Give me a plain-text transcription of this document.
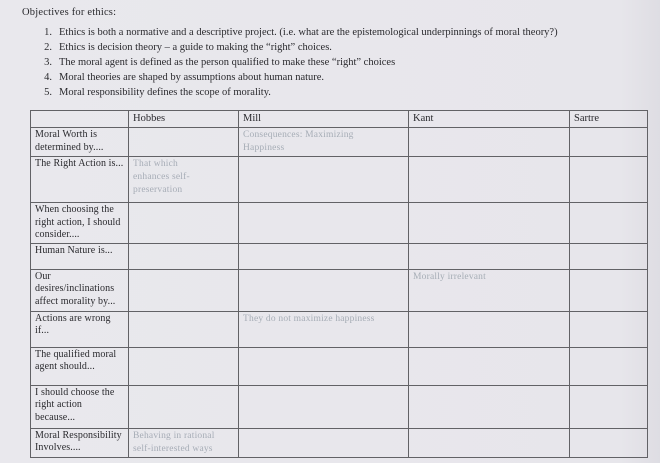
Objectives for ethics:
1. Ethics is both a normative and a descriptive project. (i.e. what are the epistemological underpinnings of moral theory?)
2. Ethics is decision theory – a guide to making the “right” choices.
3. The moral agent is defined as the person qualified to make these “right” choices
4. Moral theories are shaped by assumptions about human nature.
5. Moral responsibility defines the scope of morality.
	Hobbes	Mill	Kant	Sartre
Moral Worth is determined by....		Consequences: Maximizing Happiness		

The Right Action is...	That which enhances self-preservation			

When choosing the right action, I should consider....	

Human Nature is...	

Our desires/inclinations affect morality by...			Morally irrelevant	

Actions are wrong if...		They do not maximize happiness		

The qualified moral agent should...	

I should choose the right action because...	

Moral Responsibility Involves....	Behaving in rational self-interested ways			
